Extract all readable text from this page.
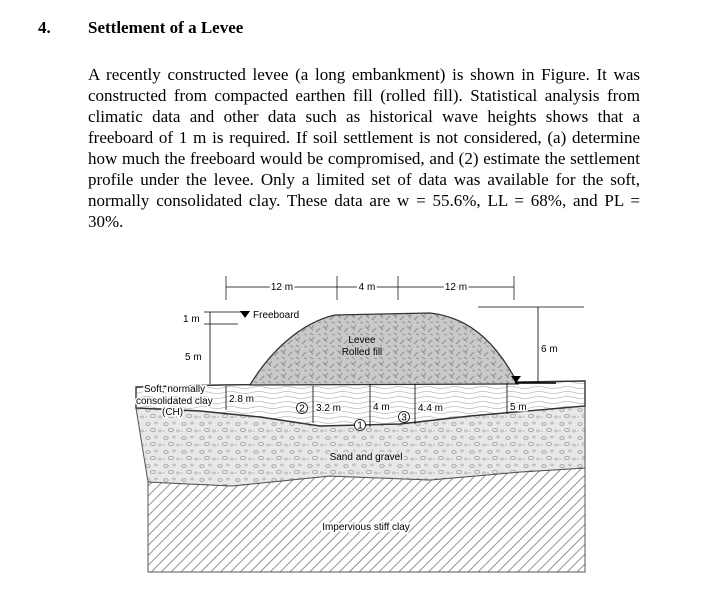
4. Settlement of a Levee

A recently constructed levee (a long embankment) is shown in Figure. It was constructed from compacted earthen fill (rolled fill). Statistical analysis from climatic data and other data such as historical wave heights shows that a freeboard of 1 m is required. If soil settlement is not considered, (a) determine how much the freeboard would be compromised, and (2) estimate the settlement profile under the levee. Only a limited set of data was available for the soft, normally consolidated clay. These data are w = 55.6%, LL = 68%, and PL = 30%.

12 m	4 m	12 m
1 m
5 m
Freeboard
6 m
Levee
Rolled fill
Soft, normally
consolidated clay
(CH)
2.8 m
2 3.2 m
1
4 m
3
4.4 m	5 m
Sand and gravel
Impervious stiff clay
